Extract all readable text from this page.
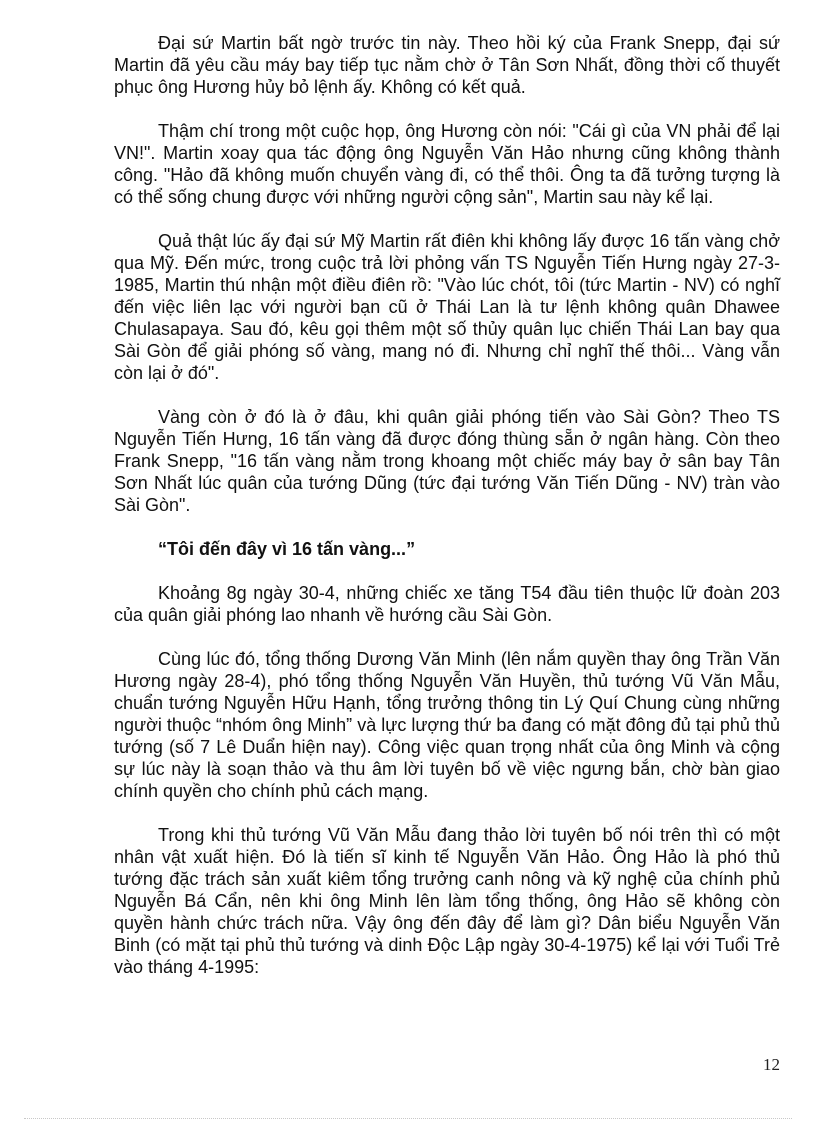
Đại sứ Martin bất ngờ trước tin này. Theo hồi ký của Frank Snepp, đại sứ Martin đã yêu cầu máy bay tiếp tục nằm chờ ở Tân Sơn Nhất, đồng thời cố thuyết phục ông Hương hủy bỏ lệnh ấy. Không có kết quả.

Thậm chí trong một cuộc họp, ông Hương còn nói: "Cái gì của VN phải để lại VN!". Martin xoay qua tác động ông Nguyễn Văn Hảo nhưng cũng không thành công. "Hảo đã không muốn chuyển vàng đi, có thể thôi. Ông ta đã tưởng tượng là có thể sống chung được với những người cộng sản", Martin sau này kể lại.

Quả thật lúc ấy đại sứ Mỹ Martin rất điên khi không lấy được 16 tấn vàng chở qua Mỹ. Đến mức, trong cuộc trả lời phỏng vấn TS Nguyễn Tiến Hưng ngày 27-3-1985, Martin thú nhận một điều điên rồ: "Vào lúc chót, tôi (tức Martin - NV) có nghĩ đến việc liên lạc với người bạn cũ ở Thái Lan là tư lệnh không quân Dhawee Chulasapaya. Sau đó, kêu gọi thêm một số thủy quân lục chiến Thái Lan bay qua Sài Gòn để giải phóng số vàng, mang nó đi. Nhưng chỉ nghĩ thế thôi... Vàng vẫn còn lại ở đó".

Vàng còn ở đó là ở đâu, khi quân giải phóng tiến vào Sài Gòn? Theo TS Nguyễn Tiến Hưng, 16 tấn vàng đã được đóng thùng sẵn ở ngân hàng. Còn theo Frank Snepp, "16 tấn vàng nằm trong khoang một chiếc máy bay ở sân bay Tân Sơn Nhất lúc quân của tướng Dũng (tức đại tướng Văn Tiến Dũng - NV) tràn vào Sài Gòn".

“Tôi đến đây vì 16 tấn vàng...”

Khoảng 8g ngày 30-4, những chiếc xe tăng T54 đầu tiên thuộc lữ đoàn 203 của quân giải phóng lao nhanh về hướng cầu Sài Gòn.

Cùng lúc đó, tổng thống Dương Văn Minh (lên nắm quyền thay ông Trần Văn Hương ngày 28-4), phó tổng thống Nguyễn Văn Huyền, thủ tướng Vũ Văn Mẫu, chuẩn tướng Nguyễn Hữu Hạnh, tổng trưởng thông tin Lý Quí Chung cùng những người thuộc “nhóm ông Minh” và lực lượng thứ ba đang có mặt đông đủ tại phủ thủ tướng (số 7 Lê Duẩn hiện nay). Công việc quan trọng nhất của ông Minh và cộng sự lúc này là soạn thảo và thu âm lời tuyên bố về việc ngưng bắn, chờ bàn giao chính quyền cho chính phủ cách mạng.

Trong khi thủ tướng Vũ Văn Mẫu đang thảo lời tuyên bố nói trên thì có một nhân vật xuất hiện. Đó là tiến sĩ kinh tế Nguyễn Văn Hảo. Ông Hảo là phó thủ tướng đặc trách sản xuất kiêm tổng trưởng canh nông và kỹ nghệ của chính phủ Nguyễn Bá Cẩn, nên khi ông Minh lên làm tổng thống, ông Hảo sẽ không còn quyền hành chức trách nữa. Vậy ông đến đây để làm gì? Dân biểu Nguyễn Văn Binh (có mặt tại phủ thủ tướng và dinh Độc Lập ngày 30-4-1975) kể lại với Tuổi Trẻ vào tháng 4-1995:

12
